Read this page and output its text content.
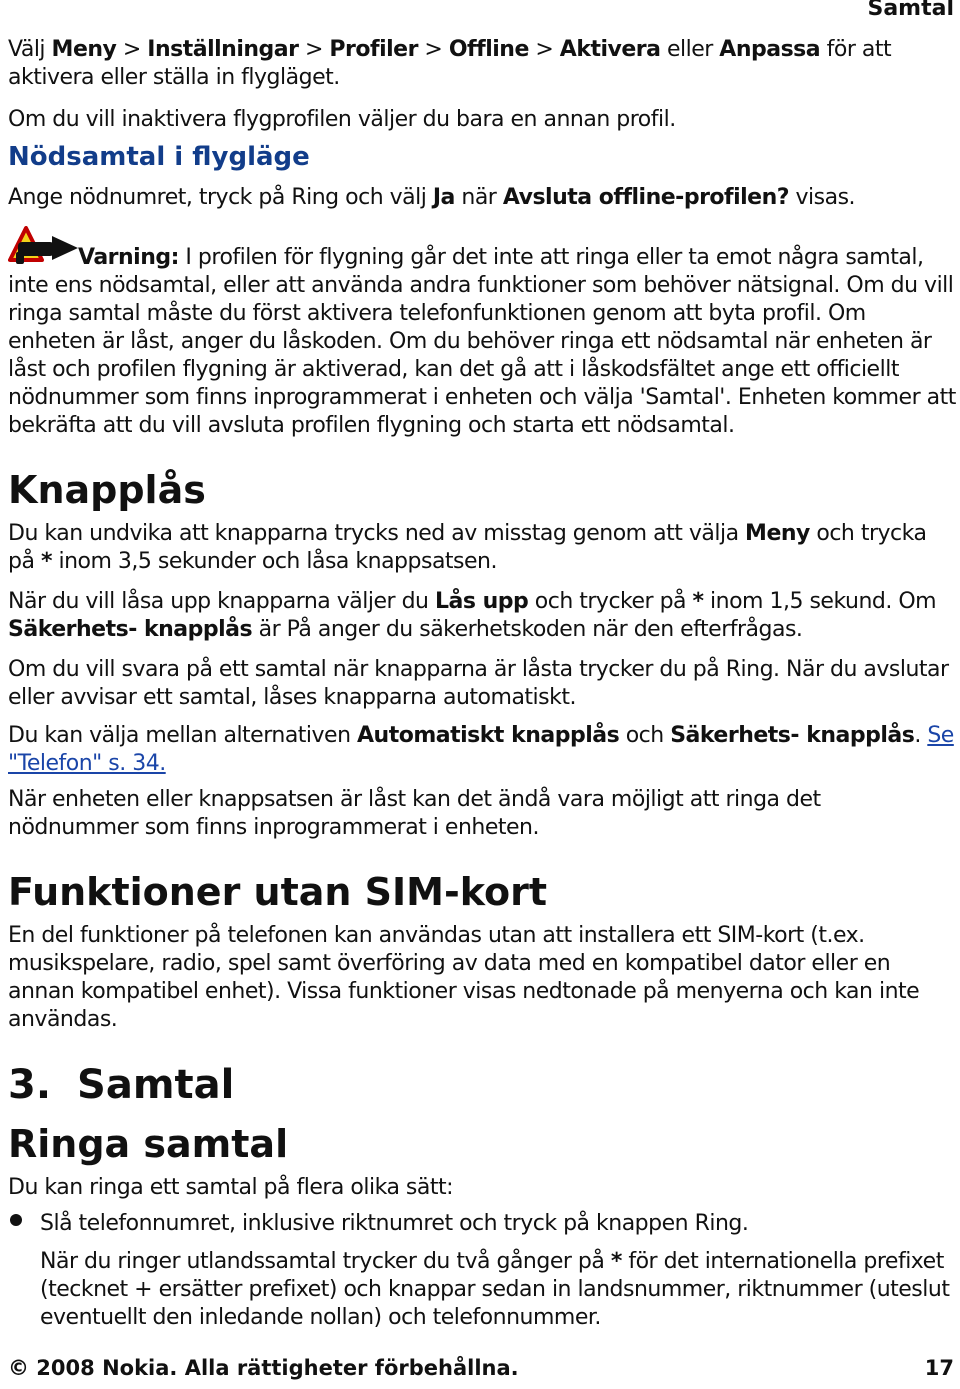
Samtal

Välj Meny > Inställningar > Profiler > Offline > Aktivera eller Anpassa för att aktivera eller ställa in flygläget.

Om du vill inaktivera flygprofilen väljer du bara en annan profil.

Nödsamtal i flygläge

Ange nödnumret, tryck på Ring och välj Ja när Avsluta offline-profilen? visas.

Varning: I profilen för flygning går det inte att ringa eller ta emot några samtal, inte ens nödsamtal, eller att använda andra funktioner som behöver nätsignal. Om du vill ringa samtal måste du först aktivera telefonfunktionen genom att byta profil. Om enheten är låst, anger du låskoden. Om du behöver ringa ett nödsamtal när enheten är låst och profilen flygning är aktiverad, kan det gå att i låskodsfältet ange ett officiellt nödnummer som finns inprogrammerat i enheten och välja 'Samtal'. Enheten kommer att bekräfta att du vill avsluta profilen flygning och starta ett nödsamtal.

Knapplås

Du kan undvika att knapparna trycks ned av misstag genom att välja Meny och trycka på * inom 3,5 sekunder och låsa knappsatsen.

När du vill låsa upp knapparna väljer du Lås upp och trycker på * inom 1,5 sekund. Om Säkerhets- knapplås är På anger du säkerhetskoden när den efterfrågas.

Om du vill svara på ett samtal när knapparna är låsta trycker du på Ring. När du avslutar eller avvisar ett samtal, låses knapparna automatiskt.

Du kan välja mellan alternativen Automatiskt knapplås och Säkerhets- knapplås. Se "Telefon" s. 34.

När enheten eller knappsatsen är låst kan det ändå vara möjligt att ringa det nödnummer som finns inprogrammerat i enheten.

Funktioner utan SIM-kort

En del funktioner på telefonen kan användas utan att installera ett SIM-kort (t.ex. musikspelare, radio, spel samt överföring av data med en kompatibel dator eller en annan kompatibel enhet). Vissa funktioner visas nedtonade på menyerna och kan inte användas.

3. Samtal
Ringa samtal

Du kan ringa ett samtal på flera olika sätt:

Slå telefonnumret, inklusive riktnumret och tryck på knappen Ring.

När du ringer utlandssamtal trycker du två gånger på * för det internationella prefixet (tecknet + ersätter prefixet) och knappar sedan in landsnummer, riktnummer (uteslut eventuellt den inledande nollan) och telefonnummer.

© 2008 Nokia. Alla rättigheter förbehållna.	17
